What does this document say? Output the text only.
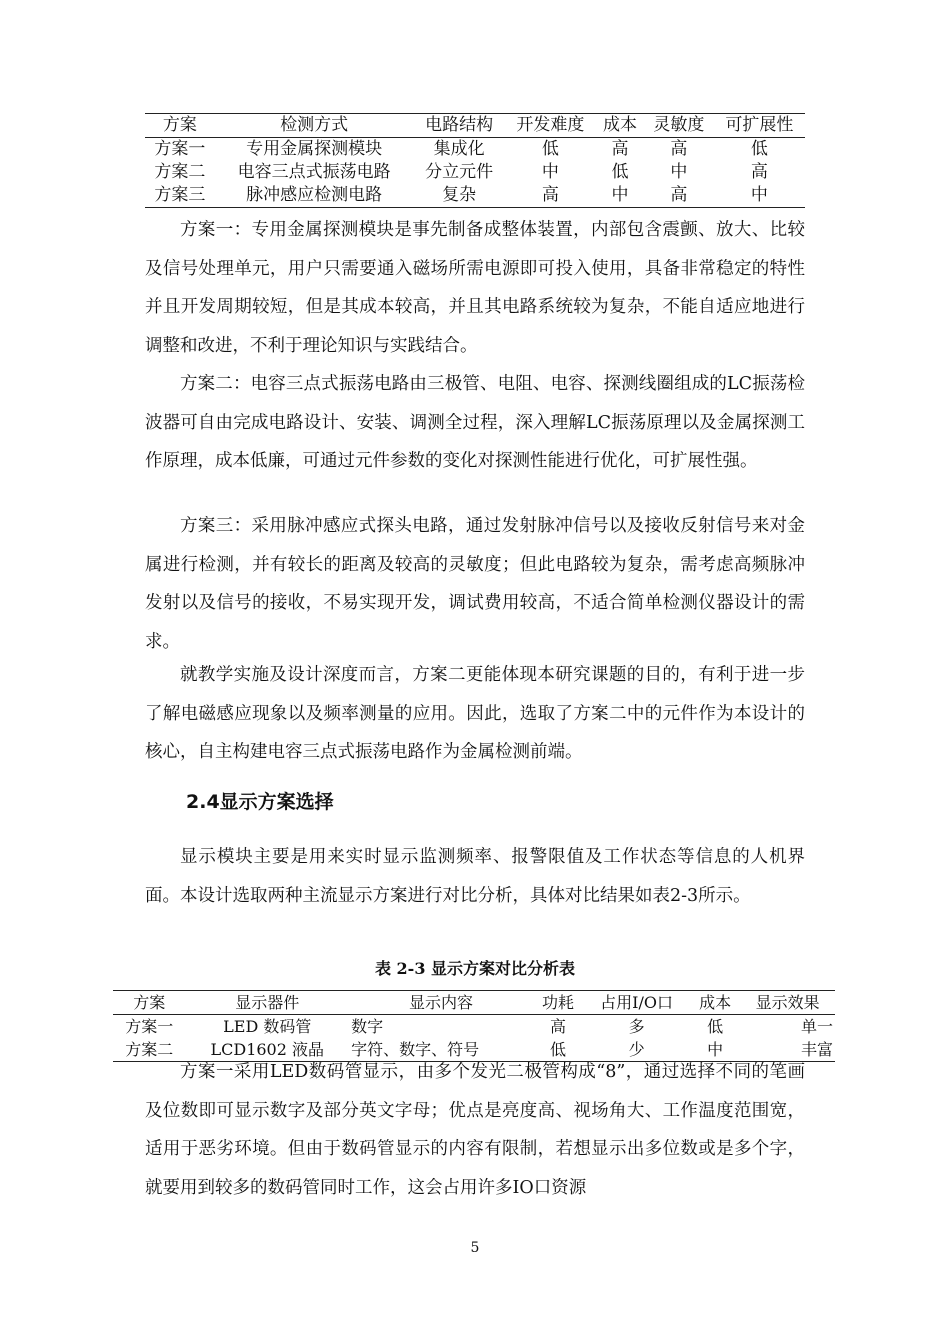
方案	检测方式	电路结构	开发难度	成本	灵敏度	可扩展性
方案一	专用金属探测模块	集成化	低	高	高	低
方案二	电容三点式振荡电路	分立元件	中	低	中	高
方案三	脉冲感应检测电路	复杂	高	中	高	中

方案一：专用金属探测模块是事先制备成整体装置，内部包含震颤、放大、比较及信号处理单元，用户只需要通入磁场所需电源即可投入使用，具备非常稳定的特性并且开发周期较短，但是其成本较高，并且其电路系统较为复杂，不能自适应地进行调整和改进，不利于理论知识与实践结合。

方案二：电容三点式振荡电路由三极管、电阻、电容、探测线圈组成的LC振荡检波器可自由完成电路设计、安装、调测全过程，深入理解LC振荡原理以及金属探测工作原理，成本低廉，可通过元件参数的变化对探测性能进行优化，可扩展性强。

方案三：采用脉冲感应式探头电路，通过发射脉冲信号以及接收反射信号来对金属进行检测，并有较长的距离及较高的灵敏度；但此电路较为复杂，需考虑高频脉冲发射以及信号的接收，不易实现开发，调试费用较高，不适合简单检测仪器设计的需求。

就教学实施及设计深度而言，方案二更能体现本研究课题的目的，有利于进一步了解电磁感应现象以及频率测量的应用。因此，选取了方案二中的元件作为本设计的核心，自主构建电容三点式振荡电路作为金属检测前端。

2.4显示方案选择

显示模块主要是用来实时显示监测频率、报警限值及工作状态等信息的人机界面。本设计选取两种主流显示方案进行对比分析，具体对比结果如表2-3所示。

表 2-3 显示方案对比分析表

方案	显示器件	显示内容	功耗	占用I/O口	成本	显示效果
方案一	LED 数码管	数字	高	多	低	单一
方案二	LCD1602 液晶	字符、数字、符号	低	少	中	丰富

方案一采用LED数码管显示，由多个发光二极管构成“8”，通过选择不同的笔画及位数即可显示数字及部分英文字母；优点是亮度高、视场角大、工作温度范围宽，适用于恶劣环境。但由于数码管显示的内容有限制，若想显示出多位数或是多个字，就要用到较多的数码管同时工作，这会占用许多IO口资源

5
